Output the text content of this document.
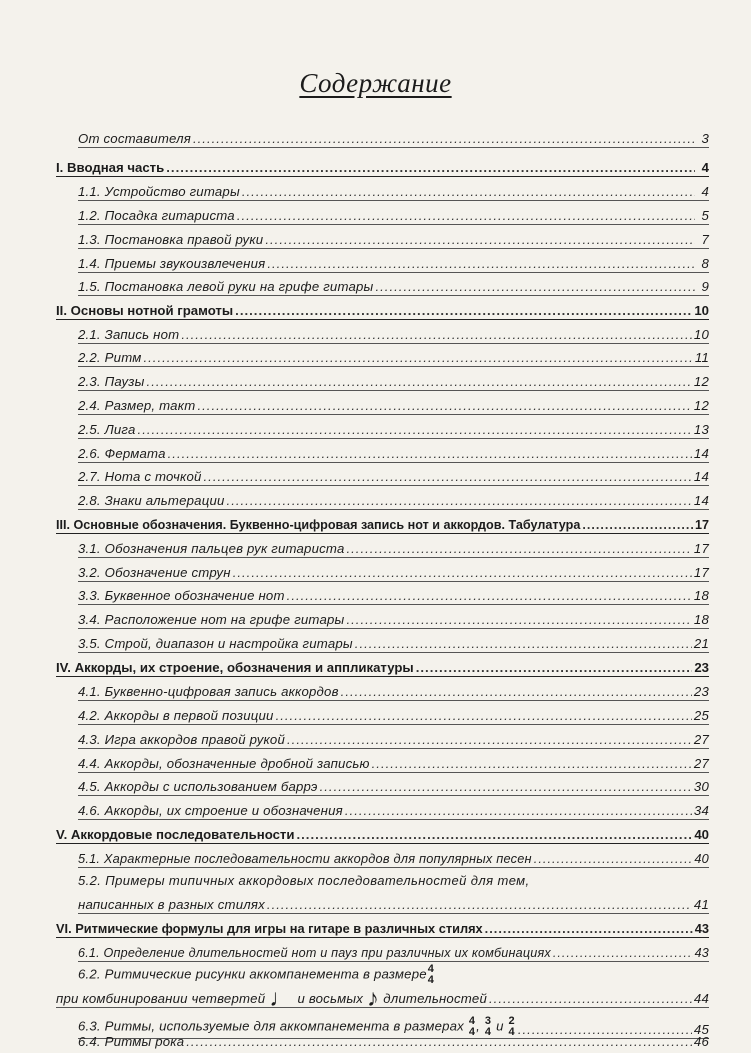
Содержание
От составителя .....	3
I. Вводная часть .....	4
1.1. Устройство гитары .....	4
1.2. Посадка гитариста .....	5
1.3. Постановка правой руки .....	7
1.4. Приемы звукоизвлечения .....	8
1.5. Постановка левой руки на грифе гитары .....	9
II. Основы нотной грамоты .....	10
2.1. Запись нот .....	10
2.2. Ритм .....	11
2.3. Паузы .....	12
2.4. Размер, такт .....	12
2.5. Лига .....	13
2.6. Фермата .....	14
2.7. Нота с точкой .....	14
2.8. Знаки альтерации .....	14
III. Основные обозначения. Буквенно-цифровая запись нот и аккордов. Табулатура .....	17
3.1. Обозначения пальцев рук гитариста .....	17
3.2. Обозначение струн .....	17
3.3. Буквенное обозначение нот .....	18
3.4. Расположение нот на грифе гитары .....	18
3.5. Строй, диапазон и настройка гитары .....	21
IV. Аккорды, их строение, обозначения и аппликатуры .....	23
4.1. Буквенно-цифровая запись аккордов .....	23
4.2. Аккорды в первой позиции .....	25
4.3. Игра аккордов правой рукой .....	27
4.4. Аккорды, обозначенные дробной записью .....	27
4.5. Аккорды с использованием баррэ .....	30
4.6. Аккорды, их строение и обозначения .....	34
V. Аккордовые последовательности .....	40
5.1. Характерные последовательности аккордов для популярных песен .....	40
5.2. Примеры типичных аккордовых последовательностей для тем,
написанных в разных стилях .....	41
VI. Ритмические формулы для игры на гитаре в различных стилях .....	43
6.1. Определение длительностей нот и пауз при различных их комбинациях .....	43
6.2. Ритмические рисунки аккомпанемента в размере 4
4
при комбинировании четвертей ♩ и восьмых ♪ длительностей .....	44
6.3. Ритмы, используемые для аккомпанемента в размерах 4
4 , 3
4 и 2
4 .....	45
6.4. Ритмы рока .....	46
